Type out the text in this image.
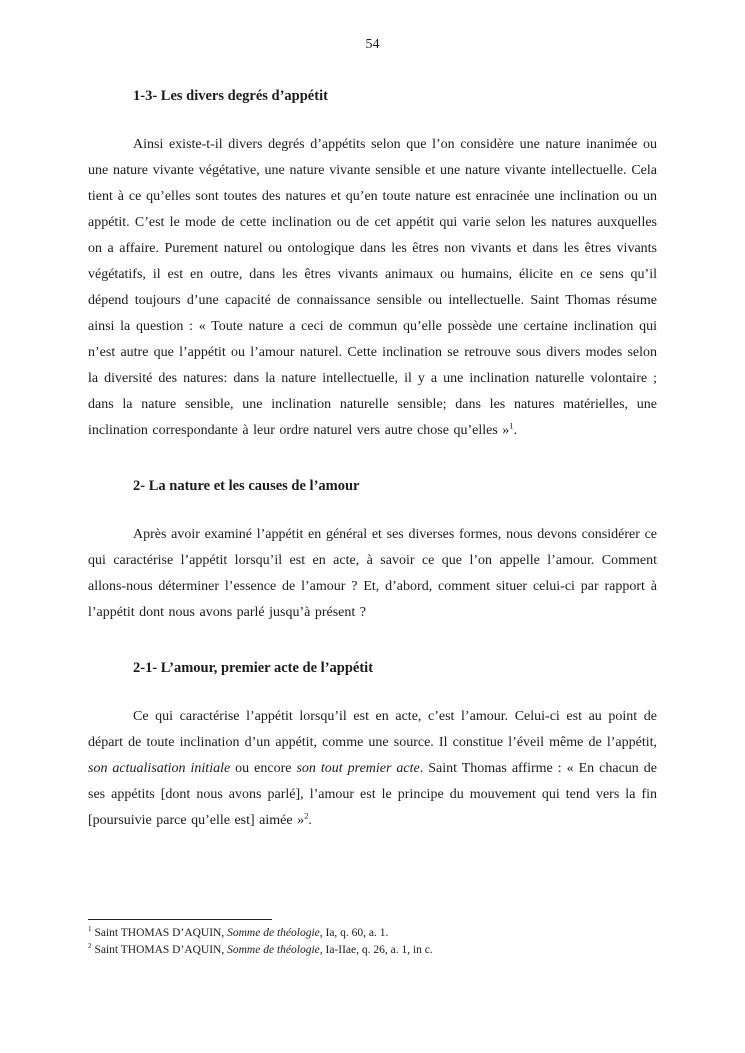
54
1-3- Les divers degrés d’appétit

Ainsi existe-t-il divers degrés d’appétits selon que l’on considère une nature inanimée ou une nature vivante végétative, une nature vivante sensible et une nature vivante intellectuelle. Cela tient à ce qu’elles sont toutes des natures et qu’en toute nature est enracinée une inclination ou un appétit. C’est le mode de cette inclination ou de cet appétit qui varie selon les natures auxquelles on a affaire. Purement naturel ou ontologique dans les êtres non vivants et dans les êtres vivants végétatifs, il est en outre, dans les êtres vivants animaux ou humains, élicite en ce sens qu’il dépend toujours d’une capacité de connaissance sensible ou intellectuelle. Saint Thomas résume ainsi la question : « Toute nature a ceci de commun qu’elle possède une certaine inclination qui n’est autre que l’appétit ou l’amour naturel. Cette inclination se retrouve sous divers modes selon la diversité des natures: dans la nature intellectuelle, il y a une inclination naturelle volontaire ; dans la nature sensible, une inclination naturelle sensible; dans les natures matérielles, une inclination correspondante à leur ordre naturel vers autre chose qu’elles »$^1$.

2- La nature et les causes de l’amour

Après avoir examiné l’appétit en général et ses diverses formes, nous devons considérer ce qui caractérise l’appétit lorsqu’il est en acte, à savoir ce que l’on appelle l’amour. Comment allons-nous déterminer l’essence de l’amour ? Et, d’abord, comment situer celui-ci par rapport à l’appétit dont nous avons parlé jusqu’à présent ?

2-1- L’amour, premier acte de l’appétit

Ce qui caractérise l’appétit lorsqu’il est en acte, c’est l’amour. Celui-ci est au point de départ de toute inclination d’un appétit, comme une source. Il constitue l’éveil même de l’appétit, son actualisation initiale ou encore son tout premier acte. Saint Thomas affirme : « En chacun de ses appétits [dont nous avons parlé], l’amour est le principe du mouvement qui tend vers la fin [poursuivie parce qu’elle est] aimée »$^2$.

$^1$ Saint THOMAS D’AQUIN, Somme de théologie, Ia, q. 60, a. 1.

$^2$ Saint THOMAS D’AQUIN, Somme de théologie, Ia-IIae, q. 26, a. 1, in c.
